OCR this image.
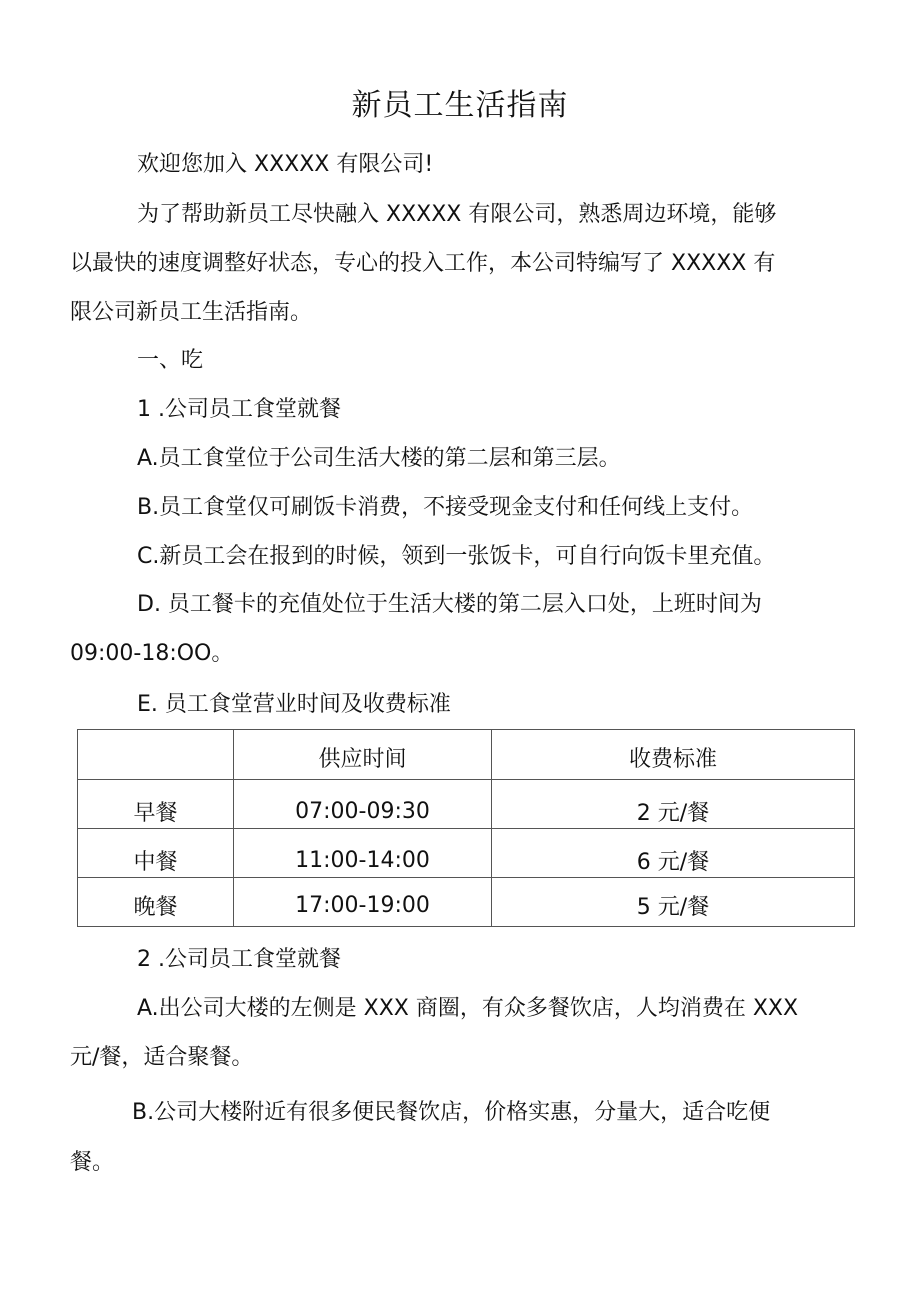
新员工生活指南
欢迎您加入 XXXXX 有限公司!
为了帮助新员工尽快融入 XXXXX 有限公司，熟悉周边环境，能够
以最快的速度调整好状态，专心的投入工作，本公司特编写了 XXXXX 有
限公司新员工生活指南。
一、吃
1 .公司员工食堂就餐
A.员工食堂位于公司生活大楼的第二层和第三层。
B.员工食堂仅可刷饭卡消费，不接受现金支付和任何线上支付。
C.新员工会在报到的时候，领到一张饭卡，可自行向饭卡里充值。
D. 员工餐卡的充值处位于生活大楼的第二层入口处，上班时间为
09:00-18:OO。
E. 员工食堂营业时间及收费标准

	供应时间	收费标准

早餐	07:00-09:30	2 元/餐

中餐	11:00-14:00	6 元/餐

晚餐	17:00-19:00	5 元/餐
2 .公司员工食堂就餐
A.出公司大楼的左侧是 XXX 商圈，有众多餐饮店，人均消费在 XXX
元/餐，适合聚餐。
B.公司大楼附近有很多便民餐饮店，价格实惠，分量大，适合吃便
餐。
